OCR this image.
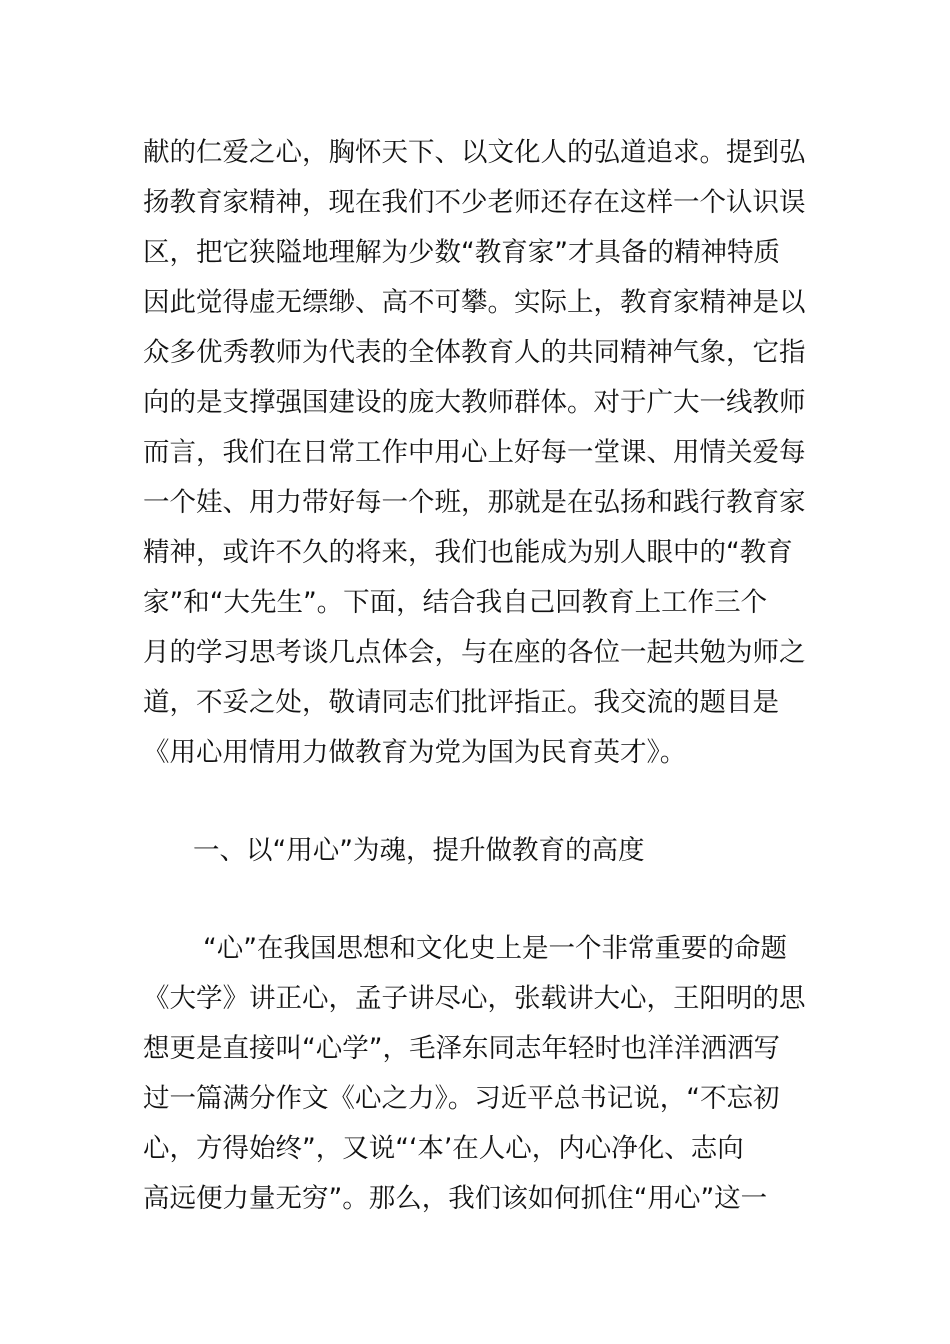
献的仁爱之心，胸怀天下、以文化人的弘道追求。提到弘
扬教育家精神，现在我们不少老师还存在这样一个认识误
区，把它狭隘地理解为少数“教育家”才具备的精神特质
因此觉得虚无缥缈、高不可攀。实际上，教育家精神是以
众多优秀教师为代表的全体教育人的共同精神气象，它指
向的是支撑强国建设的庞大教师群体。对于广大一线教师
而言，我们在日常工作中用心上好每一堂课、用情关爱每
一个娃、用力带好每一个班，那就是在弘扬和践行教育家
精神，或许不久的将来，我们也能成为别人眼中的“教育
家”和“大先生”。下面，结合我自己回教育上工作三个
月的学习思考谈几点体会，与在座的各位一起共勉为师之
道，不妥之处，敬请同志们批评指正。我交流的题目是
《用心用情用力做教育为党为国为民育英才》。
一、以“用心”为魂，提升做教育的高度
“心”在我国思想和文化史上是一个非常重要的命题
《大学》讲正心，孟子讲尽心，张载讲大心，王阳明的思
想更是直接叫“心学”，毛泽东同志年轻时也洋洋洒洒写
过一篇满分作文《心之力》。习近平总书记说，“不忘初
心，方得始终”，又说“‘本’在人心，内心净化、志向
高远便力量无穷”。那么，我们该如何抓住“用心”这一
